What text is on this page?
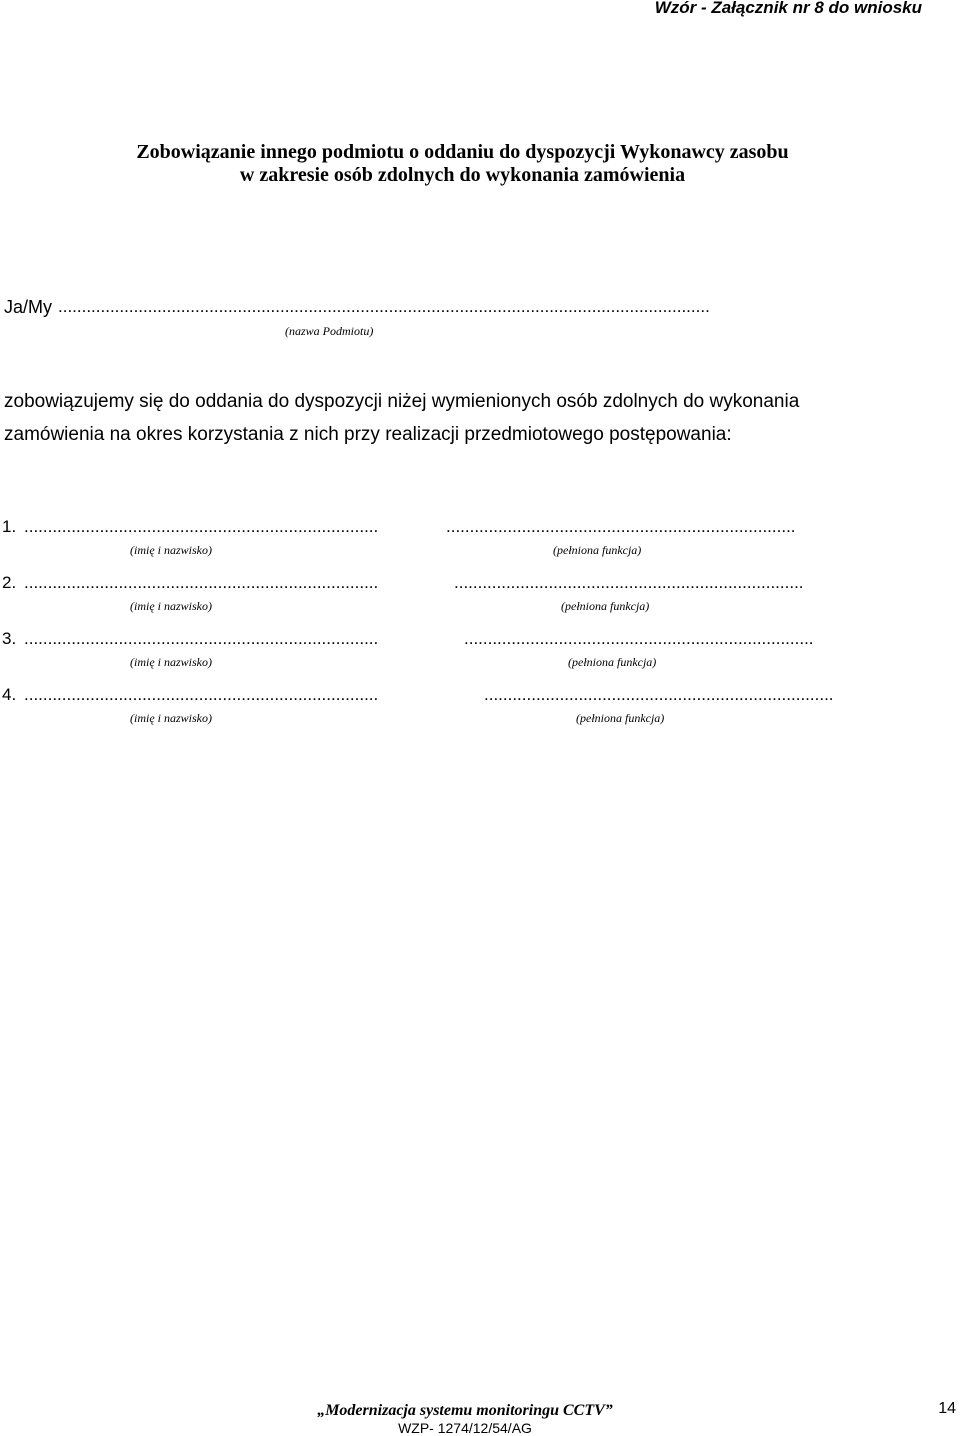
Wzór - Załącznik nr 8 do wniosku
Zobowiązanie innego podmiotu o oddaniu do dyspozycji Wykonawcy zasobu
w zakresie osób zdolnych do wykonania zamówienia
Ja/My ..........................................................................................................................................
(nazwa Podmiotu)
zobowiązujemy się do oddania do dyspozycji niżej wymienionych osób zdolnych do wykonania
zamówienia na okres korzystania z nich przy realizacji przedmiotowego postępowania:
1. ...........................................................................	..........................................................................
(imię i nazwisko)	(pełniona funkcja)
2. ...........................................................................	..........................................................................
(imię i nazwisko)	(pełniona funkcja)
3. ...........................................................................	..........................................................................
(imię i nazwisko)	(pełniona funkcja)
4. ...........................................................................	..........................................................................
(imię i nazwisko)	(pełniona funkcja)
„Modernizacja systemu monitoringu CCTV”
WZP- 1274/12/54/AG
14
